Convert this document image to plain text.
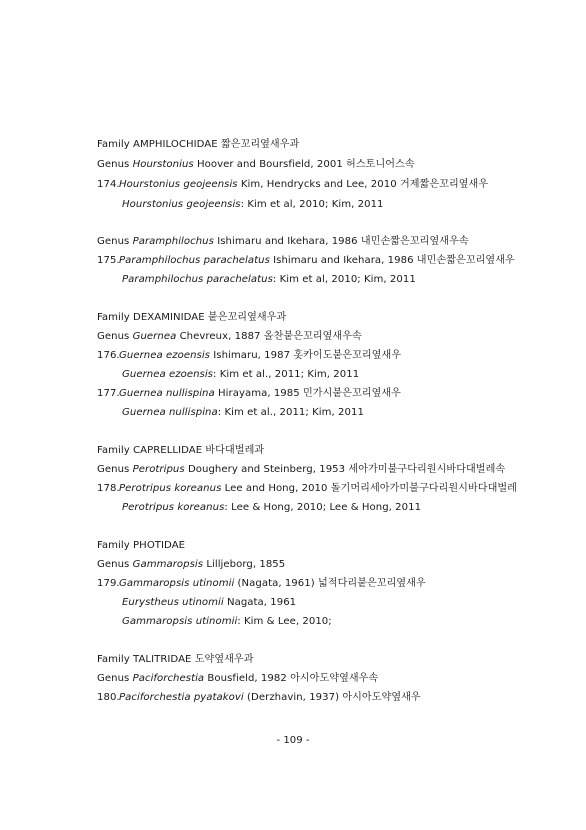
Family AMPHILOCHIDAE 짧은꼬리옆새우과
Genus Hourstonius Hoover and Boursfield, 2001 허스토니어스속
174.Hourstonius geojeensis Kim, Hendrycks and Lee, 2010 거제짧은꼬리옆새우
Hourstonius geojeensis: Kim et al, 2010; Kim, 2011
Genus Paramphilochus Ishimaru and Ikehara, 1986 내민손짧은꼬리옆새우속
175.Paramphilochus parachelatus Ishimaru and Ikehara, 1986 내민손짧은꼬리옆새우
Paramphilochus parachelatus: Kim et al, 2010; Kim, 2011
Family DEXAMINIDAE 붙은꼬리옆새우과
Genus Guernea Chevreux, 1887 올찬붙은꼬리옆새우속
176.Guernea ezoensis Ishimaru, 1987 홋카이도붙은꼬리옆새우
Guernea ezoensis: Kim et al., 2011; Kim, 2011
177.Guernea nullispina Hirayama, 1985 민가시붙은꼬리옆새우
Guernea nullispina: Kim et al., 2011; Kim, 2011
Family CAPRELLIDAE 바다대벌레과
Genus Perotripus Doughery and Steinberg, 1953 세아가미불구다리원시바다대벌레속
178.Perotripus koreanus Lee and Hong, 2010 돌기머리세아가미불구다리원시바다대벌레
Perotripus koreanus: Lee & Hong, 2010; Lee & Hong, 2011
Family PHOTIDAE
Genus Gammaropsis Lilljeborg, 1855
179.Gammaropsis utinomii (Nagata, 1961) 넓적다리붙은꼬리옆새우
Eurystheus utinomii Nagata, 1961
Gammaropsis utinomii: Kim & Lee, 2010;
Family TALITRIDAE 도약옆새우과
Genus Paciforchestia Bousfield, 1982 아시아도약옆새우속
180.Paciforchestia pyatakovi (Derzhavin, 1937) 아시아도약옆새우
- 109 -
